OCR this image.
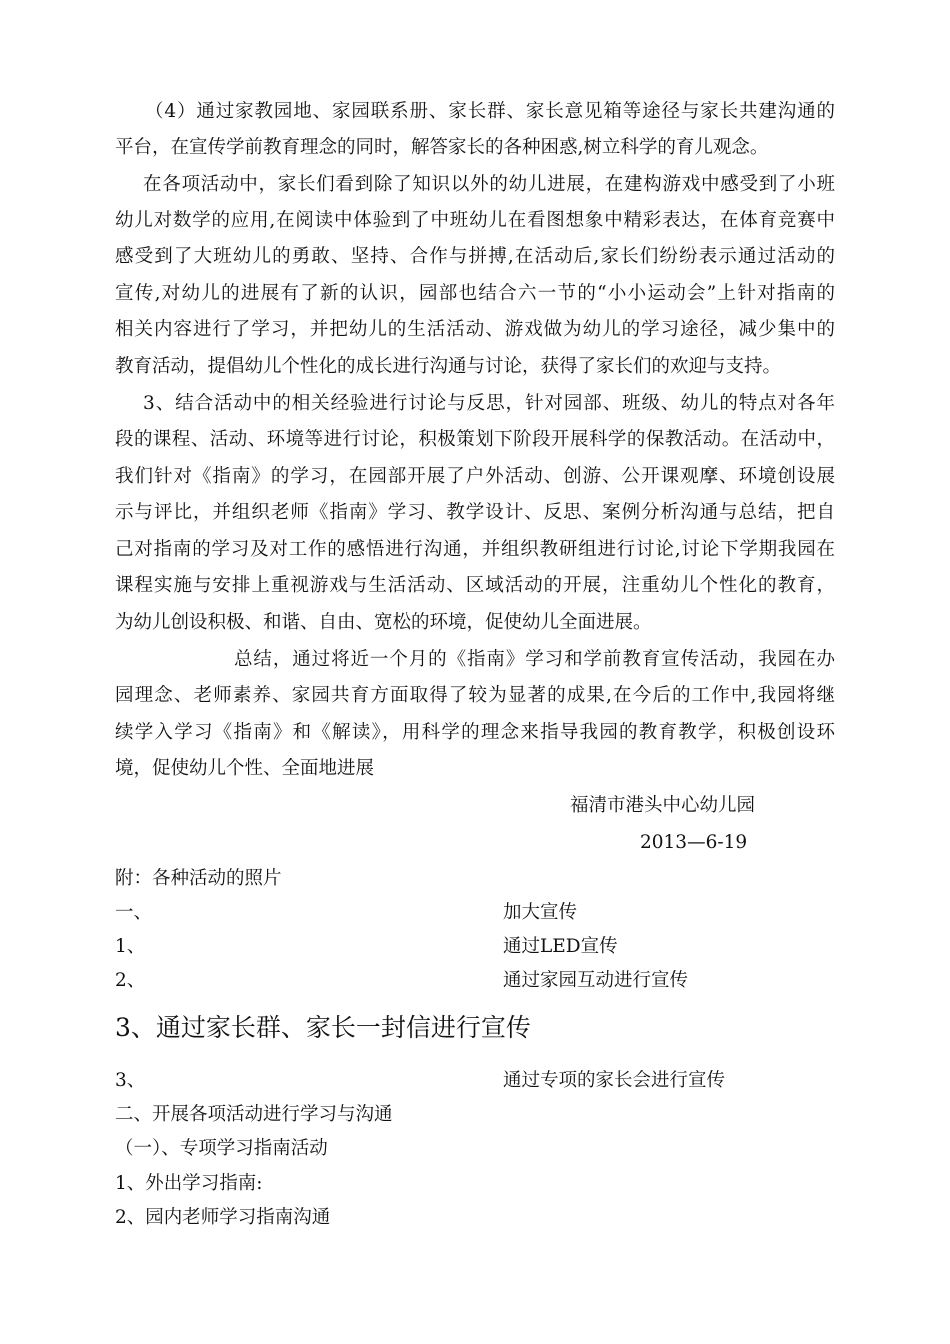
（4）通过家教园地、家园联系册、家长群、家长意见箱等途径与家长共建沟通的
平台，在宣传学前教育理念的同时，解答家长的各种困惑,树立科学的育儿观念。
在各项活动中，家长们看到除了知识以外的幼儿进展，在建构游戏中感受到了小班
幼儿对数学的应用,在阅读中体验到了中班幼儿在看图想象中精彩表达，在体育竞赛中
感受到了大班幼儿的勇敢、坚持、合作与拼搏,在活动后,家长们纷纷表示通过活动的
宣传,对幼儿的进展有了新的认识，园部也结合六一节的“小小运动会”上针对指南的
相关内容进行了学习，并把幼儿的生活活动、游戏做为幼儿的学习途径，减少集中的
教育活动，提倡幼儿个性化的成长进行沟通与讨论，获得了家长们的欢迎与支持。
3、结合活动中的相关经验进行讨论与反思，针对园部、班级、幼儿的特点对各年
段的课程、活动、环境等进行讨论，积极策划下阶段开展科学的保教活动。在活动中，
我们针对《指南》的学习，在园部开展了户外活动、创游、公开课观摩、环境创设展
示与评比，并组织老师《指南》学习、教学设计、反思、案例分析沟通与总结，把自
己对指南的学习及对工作的感悟进行沟通，并组织教研组进行讨论,讨论下学期我园在
课程实施与安排上重视游戏与生活活动、区域活动的开展，注重幼儿个性化的教育，
为幼儿创设积极、和谐、自由、宽松的环境，促使幼儿全面进展。
总结，通过将近一个月的《指南》学习和学前教育宣传活动，我园在办
园理念、老师素养、家园共育方面取得了较为显著的成果,在今后的工作中,我园将继
续学入学习《指南》和《解读》，用科学的理念来指导我园的教育教学，积极创设环
境，促使幼儿个性、全面地进展
福清市港头中心幼儿园
2013—6-19
附：各种活动的照片
一、	加大宣传
1、	通过LED宣传
2、	通过家园互动进行宣传
3、通过家长群、家长一封信进行宣传
3、	通过专项的家长会进行宣传
二、开展各项活动进行学习与沟通
（一）、专项学习指南活动
1、外出学习指南:
2、园内老师学习指南沟通
